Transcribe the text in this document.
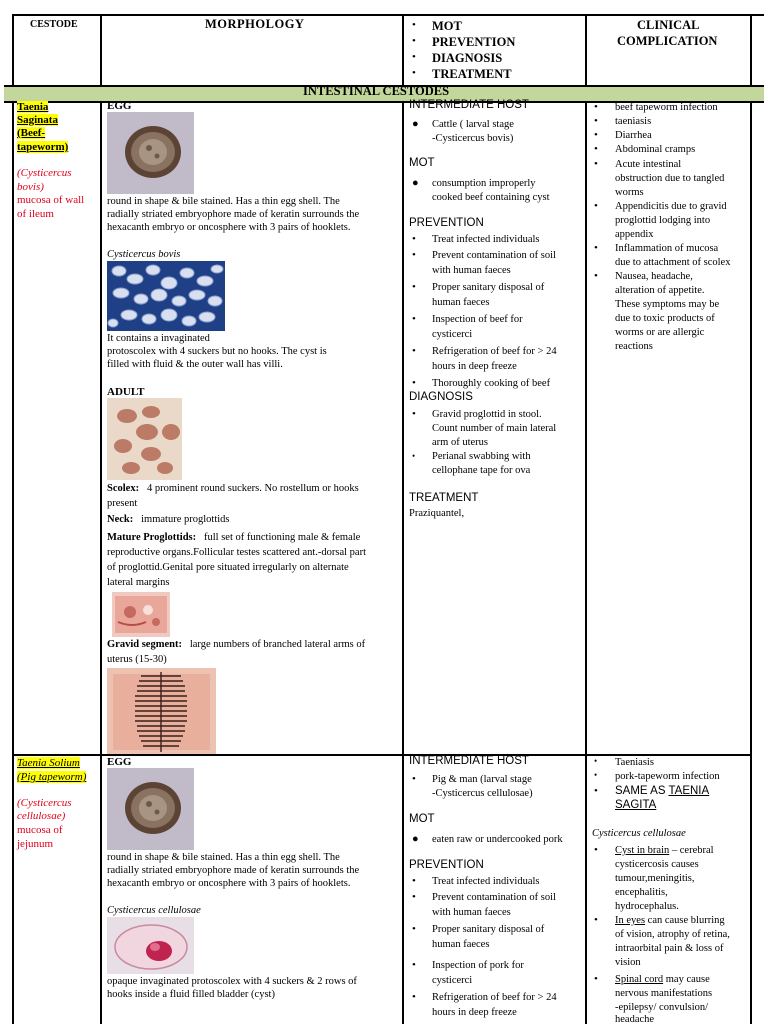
CESTODE	MORPHOLOGY	• MOT
• PREVENTION
• DIAGNOSIS
• TREATMENT
CLINICAL
COMPLICATION
INTESTINAL CESTODES
Taenia
Saginata
(Beef-
tapeworm)
(Cysticercus
bovis)
mucosa of wall
of ileum
EGG
round in shape & bile stained. Has a thin egg shell. The
radially striated embryophore made of keratin surrounds the
hexacanth embryo or oncosphere with 3 pairs of hooklets.
Cysticercus bovis
It contains a invaginated
protoscolex with 4 suckers but no hooks. The cyst is
filled with fluid & the outer wall has villi.
ADULT
Scolex: 4 prominent round suckers. No rostellum or hooks
present
Neck: immature proglottids
Mature Proglottids: full set of functioning male & female
reproductive organs.Follicular testes scattered ant.-dorsal part
of proglottid.Genital pore situated irregularly on alternate
lateral margins
Gravid segment: large numbers of branched lateral arms of
uterus (15-30)
INTERMEDIATE HOST
● Cattle ( larval stage
-Cysticercus bovis)
MOT
● consumption improperly
cooked beef containing cyst
PREVENTION
• Treat infected individuals
• Prevent contamination of soil
with human faeces
• Proper sanitary disposal of
human faeces
• Inspection of beef for
cysticerci
• Refrigeration of beef for > 24
hours in deep freeze
• Thoroughly cooking of beef
DIAGNOSIS
• Gravid proglottid in stool.
Count number of main lateral
arm of uterus
• Perianal swabbing with
cellophane tape for ova
TREATMENT
Praziquantel,
• beef tapeworm infection
• taeniasis
• Diarrhea
• Abdominal cramps
• Acute intestinal
obstruction due to tangled
worms
• Appendicitis due to gravid
proglottid lodging into
appendix
• Inflammation of mucosa
due to attachment of scolex
• Nausea, headache,
alteration of appetite.
These symptoms may be
due to toxic products of
worms or are allergic
reactions
Taenia Solium
(Pig tapeworm)
(Cysticercus
cellulosae)
mucosa of
jejunum
EGG
round in shape & bile stained. Has a thin egg shell. The
radially striated embryophore made of keratin surrounds the
hexacanth embryo or oncosphere with 3 pairs of hooklets.
Cysticercus cellulosae
opaque invaginated protoscolex with 4 suckers & 2 rows of
hooks inside a fluid filled bladder (cyst)
INTERMEDIATE HOST
• Pig & man (larval stage
-Cysticercus cellulosae)
MOT
● eaten raw or undercooked pork
PREVENTION
• Treat infected individuals
• Prevent contamination of soil
with human faeces
• Proper sanitary disposal of
human faeces
• Inspection of pork for
cysticerci
• Refrigeration of beef for > 24
hours in deep freeze
• Taeniasis
• pork-tapeworm infection
• SAME AS TAENIA
SAGITA
Cysticercus cellulosae
• Cyst in brain – cerebral
cysticercosis causes
tumour,meningitis,
encephalitis,
hydrocephalus.
• In eyes can cause blurring
of vision, atrophy of retina,
intraorbital pain & loss of
vision
• Spinal cord may cause
nervous manifestations
-epilepsy/ convulsion/
headache
